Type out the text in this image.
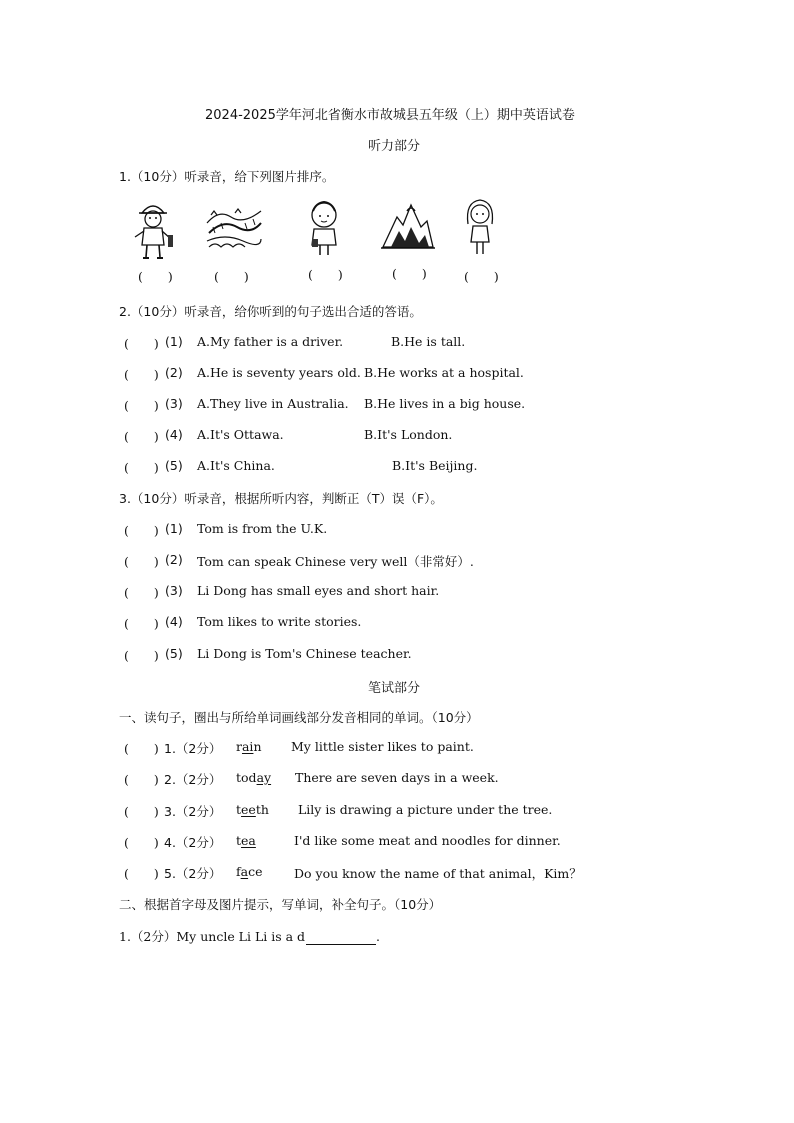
2024-2025学年河北省衡水市故城县五年级（上）期中英语试卷
听力部分
1.（10分）听录音，给下列图片排序。
(　　)	(　　)	(　　)	(　　)	(　　)
2.（10分）听录音，给你听到的句子选出合适的答语。
(　　) (1) A.My father is a driver.	B.He is tall.
(　　) (2) A.He is seventy years old. B.He works at a hospital.
(　　) (3) A.They live in Australia. B.He lives in a big house.
(　　) (4) A.It's Ottawa.	B.It's London.
(　　) (5) A.It's China.	B.It's Beijing.
3.（10分）听录音，根据所听内容，判断正（T）误（F）。
(　　) (1) Tom is from the U.K.
(　　) (2) Tom can speak Chinese very well（非常好）.
(　　) (3) Li Dong has small eyes and short hair.
(　　) (4) Tom likes to write stories.
(　　) (5) Li Dong is Tom's Chinese teacher.
笔试部分
一、读句子，圈出与所给单词画线部分发音相同的单词。（10分）
(　　) 1.（2分） rain My little sister likes to paint.
(　　) 2.（2分） today There are seven days in a week.
(　　) 3.（2分） teeth Lily is drawing a picture under the tree.
(　　) 4.（2分） tea	I'd like some meat and noodles for dinner.
(　　) 5.（2分） face	Do you know the name of that animal，Kim？
二、根据首字母及图片提示，写单词，补全句子。（10分）
1.（2分）My uncle Li Li is a d	.
